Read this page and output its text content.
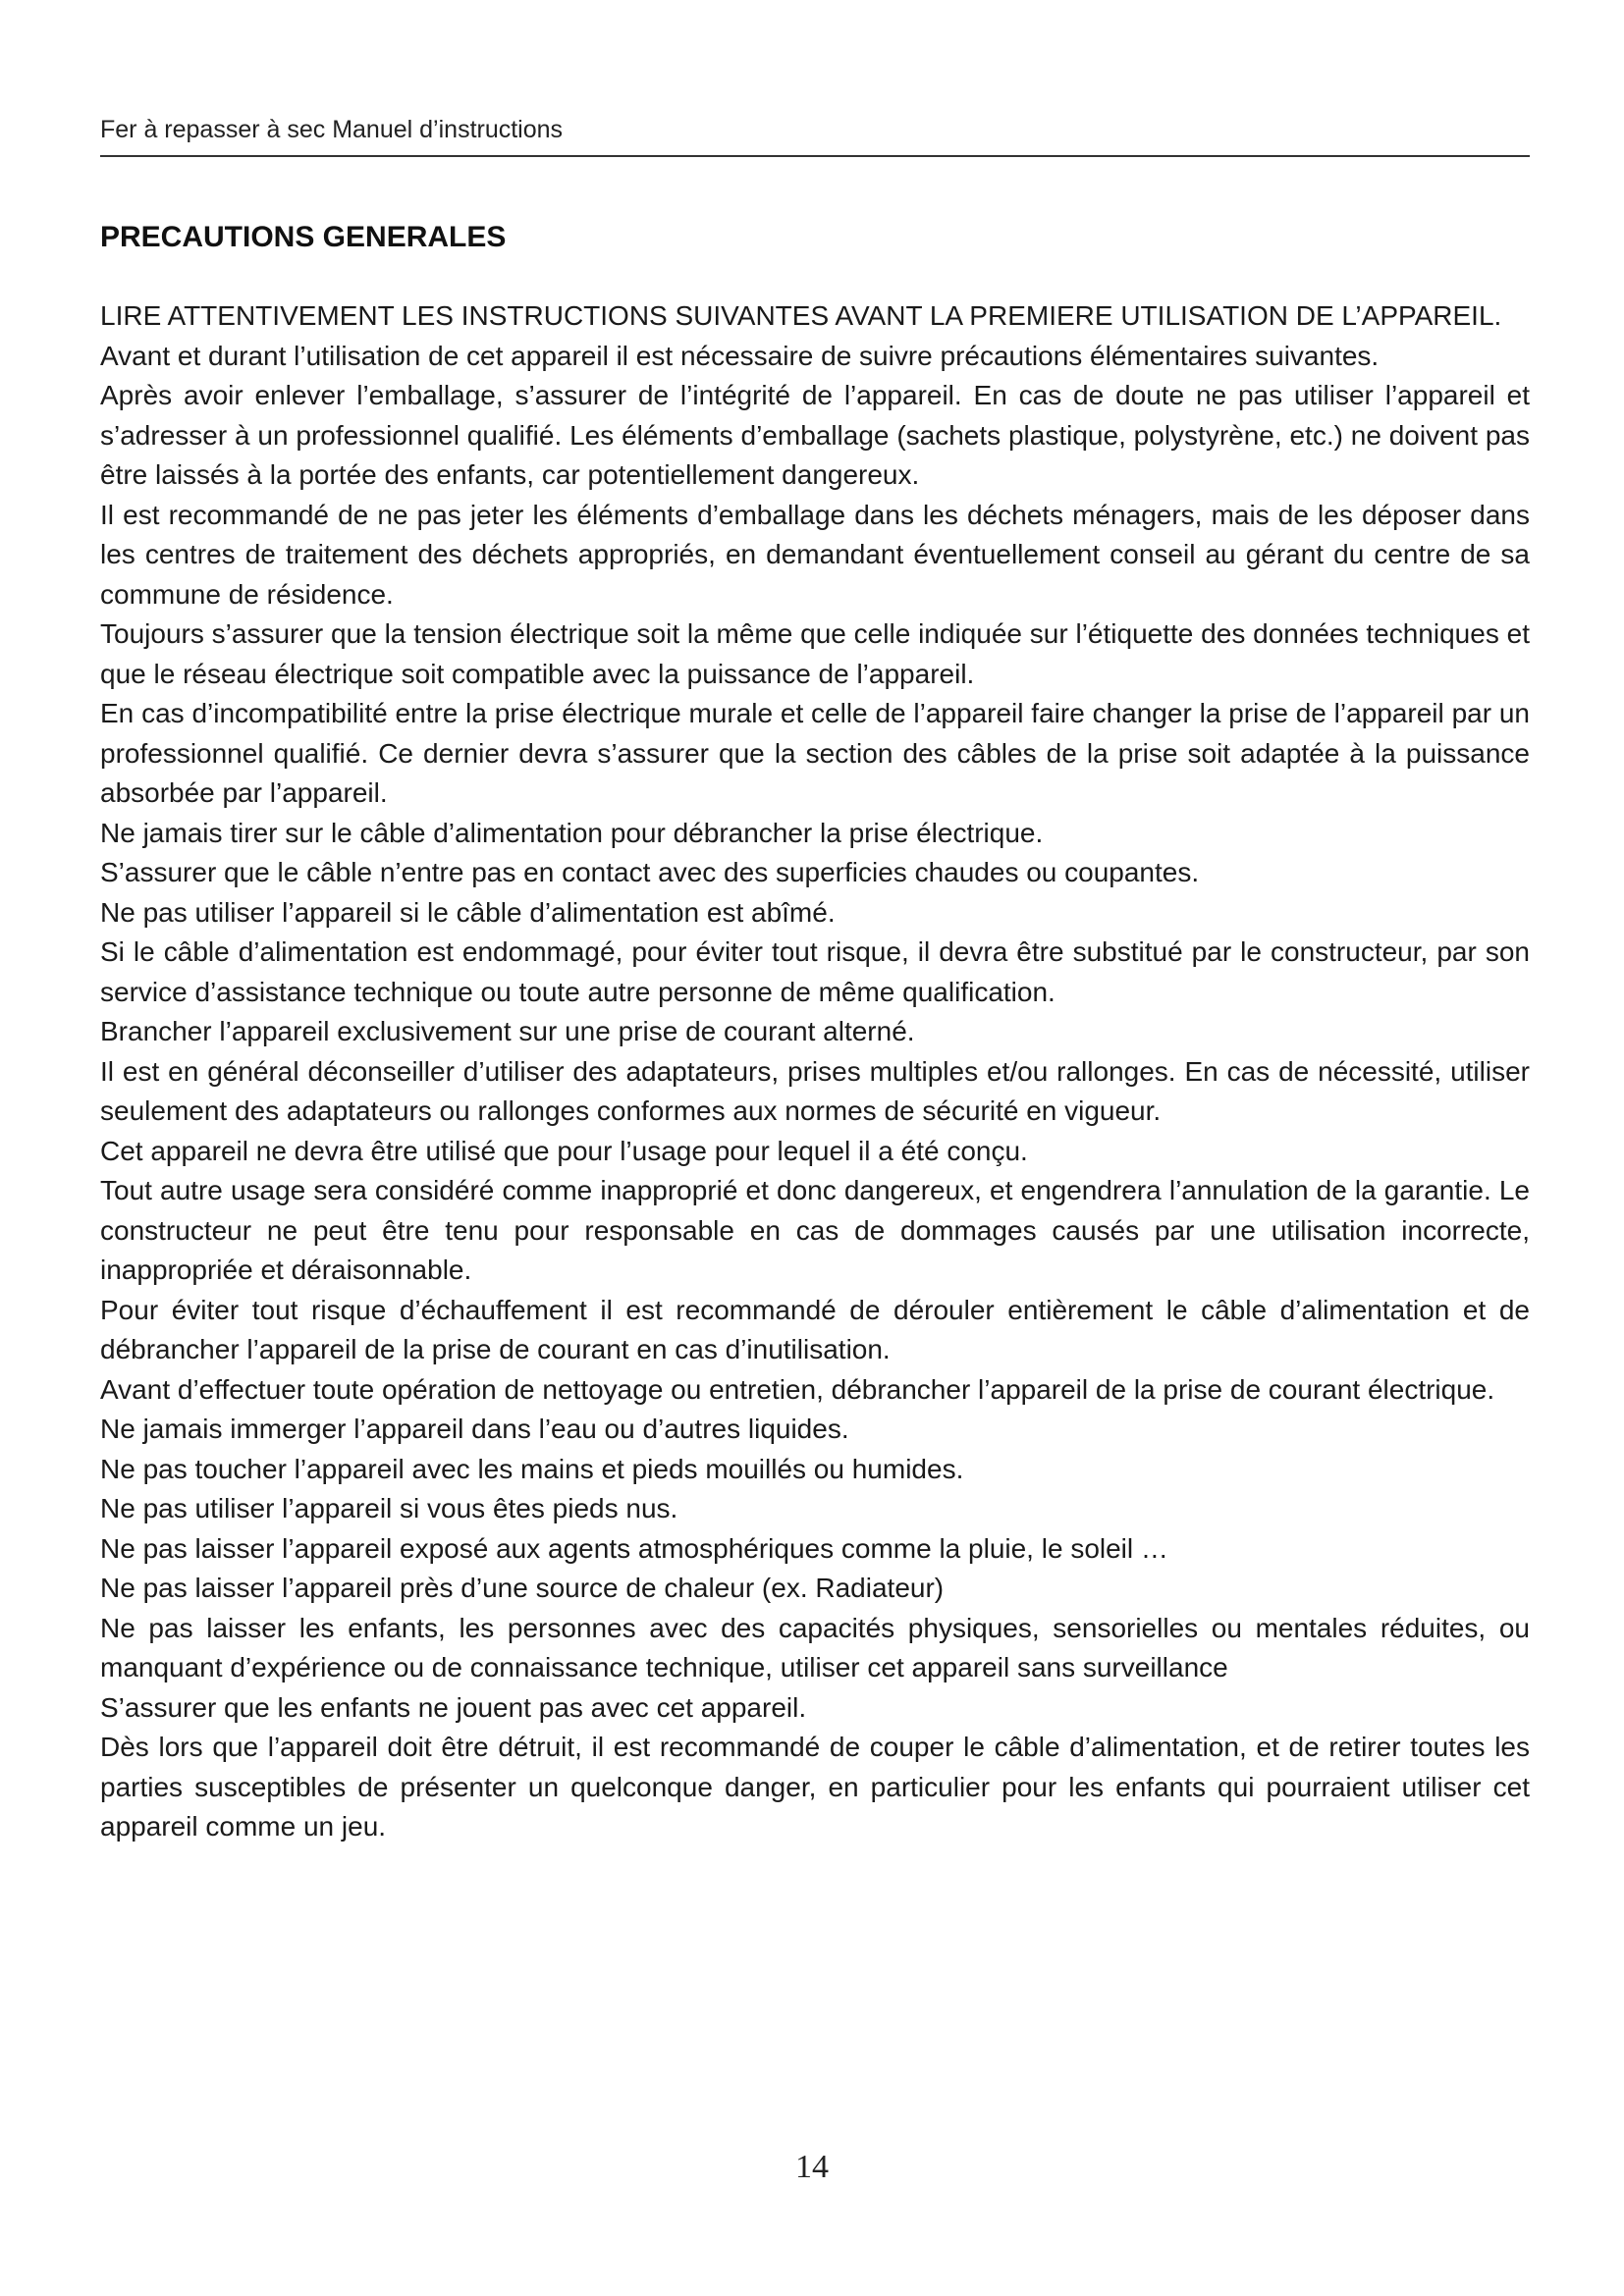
Fer à repasser à sec Manuel d’instructions
PRECAUTIONS GENERALES

LIRE ATTENTIVEMENT LES INSTRUCTIONS SUIVANTES AVANT LA PREMIERE UTILISATION DE L’APPAREIL.

Avant et durant l’utilisation de cet appareil il est nécessaire de suivre précautions élémentaires suivantes.

Après avoir enlever l’emballage, s’assurer de l’intégrité de l’appareil. En cas de doute ne pas utiliser l’appareil et s’adresser à un professionnel qualifié. Les éléments d’emballage (sachets plastique, polystyrène, etc.) ne doivent pas être laissés à la portée des enfants, car potentiellement dangereux.

Il est recommandé de ne pas jeter les éléments d’emballage dans les déchets ménagers, mais de les déposer dans les centres de traitement des déchets appropriés, en demandant éventuellement conseil au gérant du centre de sa commune de résidence.

Toujours s’assurer que la tension électrique soit la même que celle indiquée sur l’étiquette des données techniques et que le réseau électrique soit compatible avec la puissance de l’appareil.

En cas d’incompatibilité entre la prise électrique murale et celle de l’appareil faire changer la prise de l’appareil par un professionnel qualifié. Ce dernier devra s’assurer que la section des câbles de la prise soit adaptée à la puissance absorbée par l’appareil.

Ne jamais tirer sur le câble d’alimentation pour débrancher la prise électrique.

S’assurer que le câble n’entre pas en contact avec des superficies chaudes ou coupantes.

Ne pas utiliser l’appareil si le câble d’alimentation est abîmé.

Si le câble d’alimentation est endommagé, pour éviter tout risque, il devra être substitué par le constructeur, par son service d’assistance technique ou toute autre personne de même qualification.

Brancher l’appareil exclusivement sur une prise de courant alterné.

Il est en général déconseiller d’utiliser des adaptateurs, prises multiples et/ou rallonges. En cas de nécessité, utiliser seulement des adaptateurs ou rallonges conformes aux normes de sécurité en vigueur.

Cet appareil ne devra être utilisé que pour l’usage pour lequel il a été conçu.

Tout autre usage sera considéré comme inapproprié et donc dangereux, et engendrera l’annulation de la garantie. Le constructeur ne peut être tenu pour responsable en cas de dommages causés par une utilisation incorrecte, inappropriée et déraisonnable.

Pour éviter tout risque d’échauffement il est recommandé de dérouler entièrement le câble d’alimentation et de débrancher l’appareil de la prise de courant en cas d’inutilisation.

Avant d’effectuer toute opération de nettoyage ou entretien, débrancher l’appareil de la prise de courant électrique.

Ne jamais immerger l’appareil dans l’eau ou d’autres liquides.

Ne pas toucher l’appareil avec les mains et pieds mouillés ou humides.

Ne pas utiliser l’appareil si vous êtes pieds nus.

Ne pas laisser l’appareil exposé aux agents atmosphériques comme la pluie, le soleil …

Ne pas laisser l’appareil près d’une source de chaleur (ex. Radiateur)

Ne pas laisser les enfants, les personnes avec des capacités physiques, sensorielles ou mentales réduites, ou manquant d’expérience ou de connaissance technique, utiliser cet appareil sans surveillance

S’assurer que les enfants ne jouent pas avec cet appareil.

Dès lors que l’appareil doit être détruit, il est recommandé de couper le câble d’alimentation, et de retirer toutes les parties susceptibles de présenter un quelconque danger, en particulier pour les enfants qui pourraient utiliser cet appareil comme un jeu.

14
